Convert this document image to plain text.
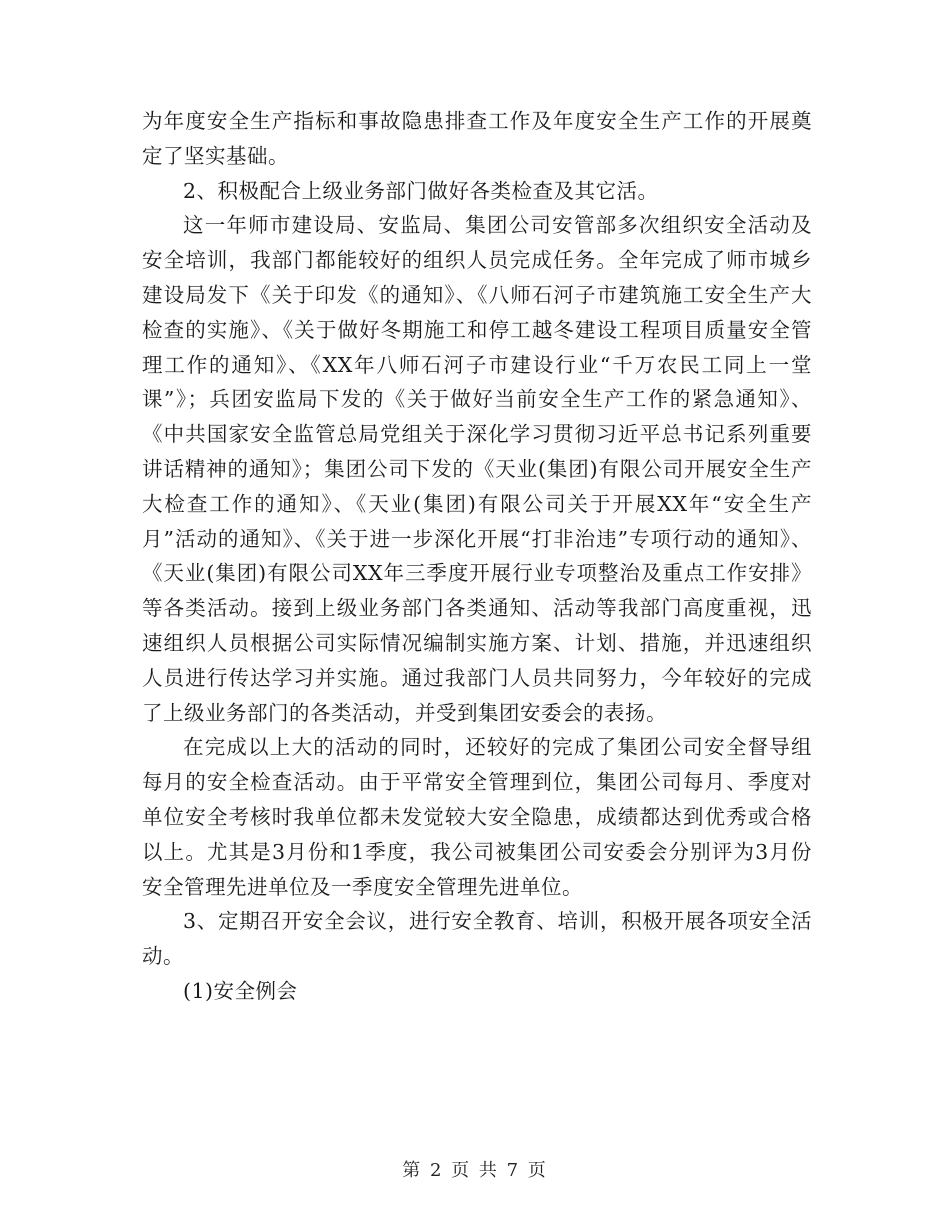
为年度安全生产指标和事故隐患排查工作及年度安全生产工作的开展奠定了坚实基础。

2、积极配合上级业务部门做好各类检查及其它活。

这一年师市建设局、安监局、集团公司安管部多次组织安全活动及安全培训，我部门都能较好的组织人员完成任务。全年完成了师市城乡建设局发下《关于印发《的通知》、《八师石河子市建筑施工安全生产大检查的实施》、《关于做好冬期施工和停工越冬建设工程项目质量安全管理工作的通知》、《XX年八师石河子市建设行业“千万农民工同上一堂课”》；兵团安监局下发的《关于做好当前安全生产工作的紧急通知》、《中共国家安全监管总局党组关于深化学习贯彻习近平总书记系列重要讲话精神的通知》；集团公司下发的《天业(集团)有限公司开展安全生产大检查工作的通知》、《天业(集团)有限公司关于开展XX年“安全生产月”活动的通知》、《关于进一步深化开展“打非治违”专项行动的通知》、《天业(集团)有限公司XX年三季度开展行业专项整治及重点工作安排》等各类活动。接到上级业务部门各类通知、活动等我部门高度重视，迅速组织人员根据公司实际情况编制实施方案、计划、措施，并迅速组织人员进行传达学习并实施。通过我部门人员共同努力，今年较好的完成了上级业务部门的各类活动，并受到集团安委会的表扬。

在完成以上大的活动的同时，还较好的完成了集团公司安全督导组每月的安全检查活动。由于平常安全管理到位，集团公司每月、季度对单位安全考核时我单位都未发觉较大安全隐患，成绩都达到优秀或合格以上。尤其是3月份和1季度，我公司被集团公司安委会分别评为3月份安全管理先进单位及一季度安全管理先进单位。

3、定期召开安全会议，进行安全教育、培训，积极开展各项安全活动。

(1)安全例会

第 2 页 共 7 页
